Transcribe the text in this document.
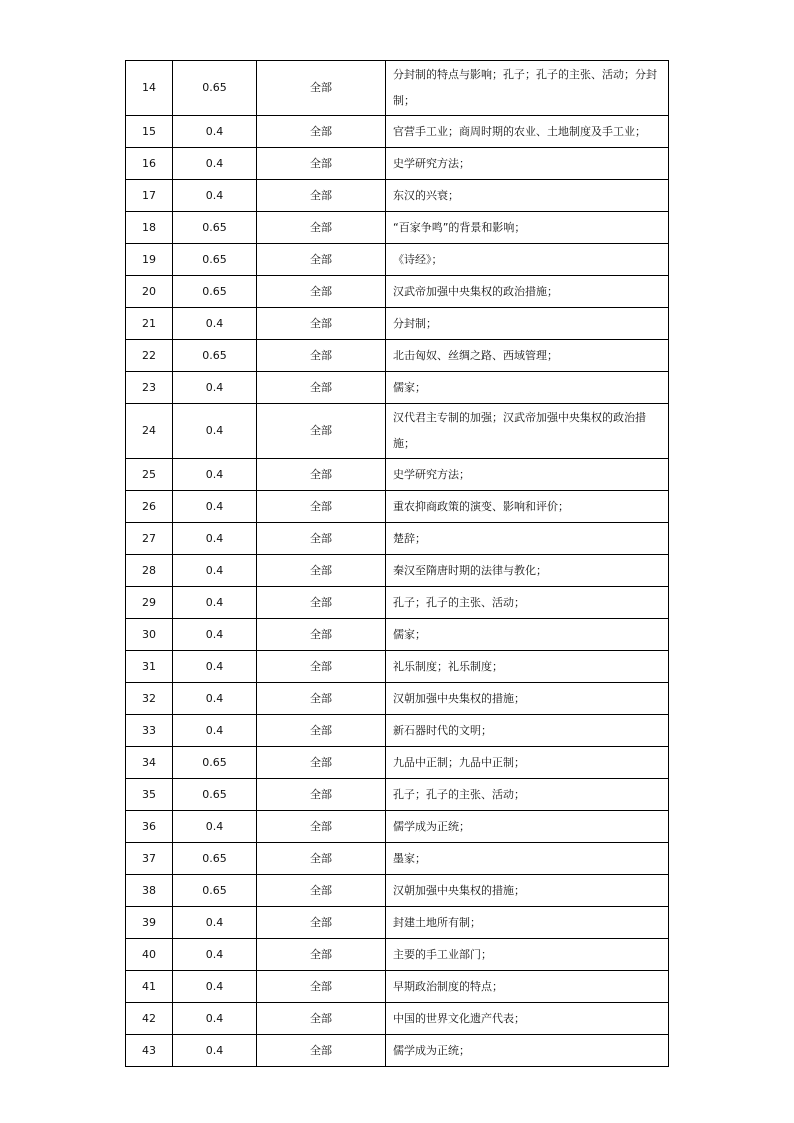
14	0.65	全部	分封制的特点与影响；孔子；孔子的主张、活动；分封制；
15	0.4	全部	官营手工业；商周时期的农业、土地制度及手工业；
16	0.4	全部	史学研究方法；
17	0.4	全部	东汉的兴衰；
18	0.65	全部	“百家争鸣”的背景和影响；
19	0.65	全部	《诗经》；
20	0.65	全部	汉武帝加强中央集权的政治措施；
21	0.4	全部	分封制；
22	0.65	全部	北击匈奴、丝绸之路、西域管理；
23	0.4	全部	儒家；
24	0.4	全部	汉代君主专制的加强；汉武帝加强中央集权的政治措施；
25	0.4	全部	史学研究方法；
26	0.4	全部	重农抑商政策的演变、影响和评价；
27	0.4	全部	楚辞；
28	0.4	全部	秦汉至隋唐时期的法律与教化；
29	0.4	全部	孔子；孔子的主张、活动；
30	0.4	全部	儒家；
31	0.4	全部	礼乐制度；礼乐制度；
32	0.4	全部	汉朝加强中央集权的措施；
33	0.4	全部	新石器时代的文明；
34	0.65	全部	九品中正制；九品中正制；
35	0.65	全部	孔子；孔子的主张、活动；
36	0.4	全部	儒学成为正统；
37	0.65	全部	墨家；
38	0.65	全部	汉朝加强中央集权的措施；
39	0.4	全部	封建土地所有制；
40	0.4	全部	主要的手工业部门；
41	0.4	全部	早期政治制度的特点；
42	0.4	全部	中国的世界文化遗产代表；
43	0.4	全部	儒学成为正统；
